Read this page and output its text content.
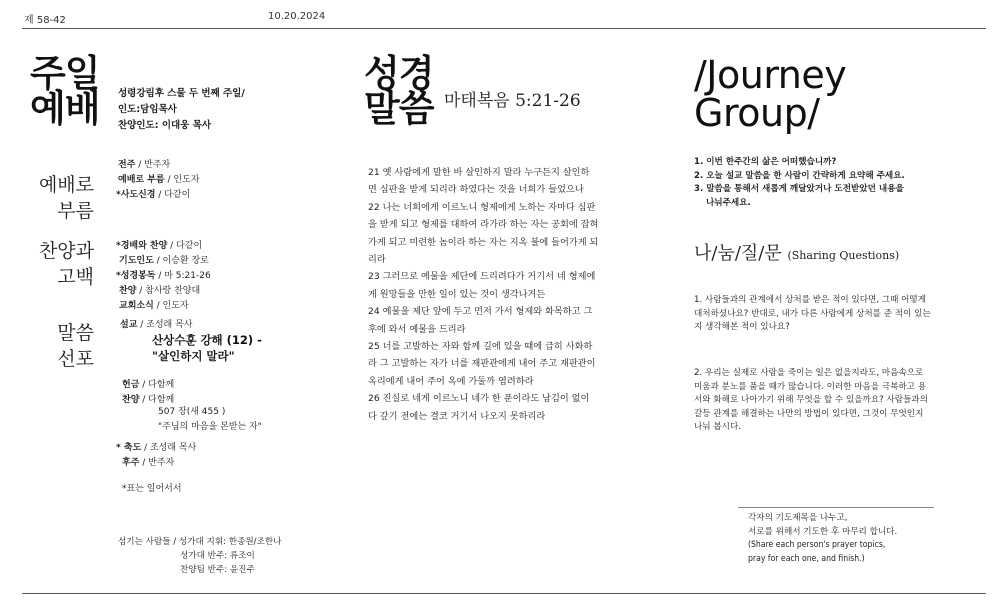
제 58-42	10.20.2024
주일
예배 성령강림후 스물 두 번째 주일/
인도:담임목사
찬양인도: 이대웅 목사
예배로
부름
찬양과
고백
말씀
선포
전주 / 반주자
예배로 부름 / 인도자
*사도신경 / 다같이
*경배와 찬양 / 다같이
기도인도 / 이승환 장로
*성경봉독 / 마 5:21-26
찬양 / 참사랑 찬양대
교회소식 / 인도자
설교 / 조성래 목사
산상수훈 강해 (12) -
"살인하지 말라"
헌금 / 다함께
찬양 / 다함께
507 장(새 455 )
"주님의 마음을 본받는 자"
* 축도 / 조성래 목사
후주 / 반주자
*표는 일어서서
섬기는 사람들 / 성가대 지휘: 한종원/조한나
성가대 반주: 류조이
찬양팀 반주: 윤진주
성경
말씀 마태복음 5:21-26
21 옛 사람에게 말한 바 살인하지 말라 누구든지 살인하
면 심판을 받게 되리라 하였다는 것을 너희가 들었으나
22 나는 너희에게 이르노니 형제에게 노하는 자마다 심판
을 받게 되고 형제를 대하여 라가라 하는 자는 공회에 잡혀
가게 되고 미련한 놈이라 하는 자는 지옥 불에 들어가게 되
리라
23 그러므로 예물을 제단에 드리려다가 거기서 네 형제에
게 원망들을 만한 일이 있는 것이 생각나거든
24 예물을 제단 앞에 두고 먼저 가서 형제와 화목하고 그
후에 와서 예물을 드리라
25 너를 고발하는 자와 함께 길에 있을 때에 급히 사화하
라 그 고발하는 자가 너를 재판관에게 내어 주고 재판관이
옥리에게 내어 주어 옥에 가둘까 염려하라
26 진실로 네게 이르노니 네가 한 푼이라도 남김이 없이
다 갚기 전에는 결코 거기서 나오지 못하리라
/Journey
Group/
1. 이번 한주간의 삶은 어떠했습니까?
2. 오늘 설교 말씀을 한 사람이 간략하게 요약해 주세요.
3. 말씀을 통해서 새롭게 깨달았거나 도전받았던 내용을
나눠주세요.
나/눔/질/문 (Sharing Questions)
1. 사람들과의 관계에서 상처를 받은 적이 있다면, 그때 어떻게
대처하셨나요? 반대로, 내가 다른 사람에게 상처를 준 적이 있는
지 생각해본 적이 있나요?
2. 우리는 실제로 사람을 죽이는 일은 없을지라도, 마음속으로
미움과 분노를 품을 때가 많습니다. 이러한 마음을 극복하고 용
서와 화해로 나아가기 위해 무엇을 할 수 있을까요? 사람들과의
갈등 관계를 해결하는 나만의 방법이 있다면, 그것이 무엇인지
나눠 봅시다.
각자의 기도제목을 나누고,
서로를 위해서 기도한 후 마무리 합니다.
(Share each person's prayer topics,
pray for each one, and finish.)
